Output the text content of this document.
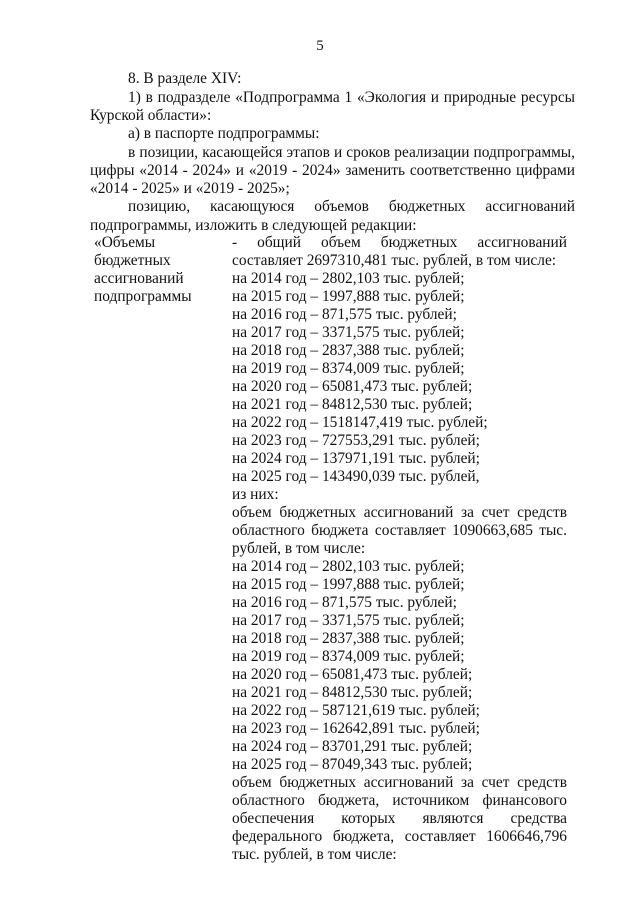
5
8. В разделе XIV:
1) в подразделе «Подпрограмма 1 «Экология и природные ресурсы
Курской области»:
а) в паспорте подпрограммы:
в позиции, касающейся этапов и сроков реализации подпрограммы,
цифры «2014 - 2024» и «2019 - 2024» заменить соответственно цифрами
«2014 - 2025» и «2019 - 2025»;
позицию, касающуюся объемов бюджетных ассигнований
подпрограммы, изложить в следующей редакции:
«Объемы
бюджетных
ассигнований
подпрограммы
- общий объем бюджетных ассигнований
составляет 2697310,481 тыс. рублей, в том числе:
на 2014 год – 2802,103 тыс. рублей;
на 2015 год – 1997,888 тыс. рублей;
на 2016 год – 871,575 тыс. рублей;
на 2017 год – 3371,575 тыс. рублей;
на 2018 год – 2837,388 тыс. рублей;
на 2019 год – 8374,009 тыс. рублей;
на 2020 год – 65081,473 тыс. рублей;
на 2021 год – 84812,530 тыс. рублей;
на 2022 год – 1518147,419 тыс. рублей;
на 2023 год – 727553,291 тыс. рублей;
на 2024 год – 137971,191 тыс. рублей;
на 2025 год – 143490,039 тыс. рублей,
из них:
объем бюджетных ассигнований за счет средств
областного бюджета составляет 1090663,685 тыс.
рублей, в том числе:
на 2014 год – 2802,103 тыс. рублей;
на 2015 год – 1997,888 тыс. рублей;
на 2016 год – 871,575 тыс. рублей;
на 2017 год – 3371,575 тыс. рублей;
на 2018 год – 2837,388 тыс. рублей;
на 2019 год – 8374,009 тыс. рублей;
на 2020 год – 65081,473 тыс. рублей;
на 2021 год – 84812,530 тыс. рублей;
на 2022 год – 587121,619 тыс. рублей;
на 2023 год – 162642,891 тыс. рублей;
на 2024 год – 83701,291 тыс. рублей;
на 2025 год – 87049,343 тыс. рублей;
объем бюджетных ассигнований за счет средств
областного бюджета, источником финансового
обеспечения которых являются средства
федерального бюджета, составляет 1606646,796
тыс. рублей, в том числе:
